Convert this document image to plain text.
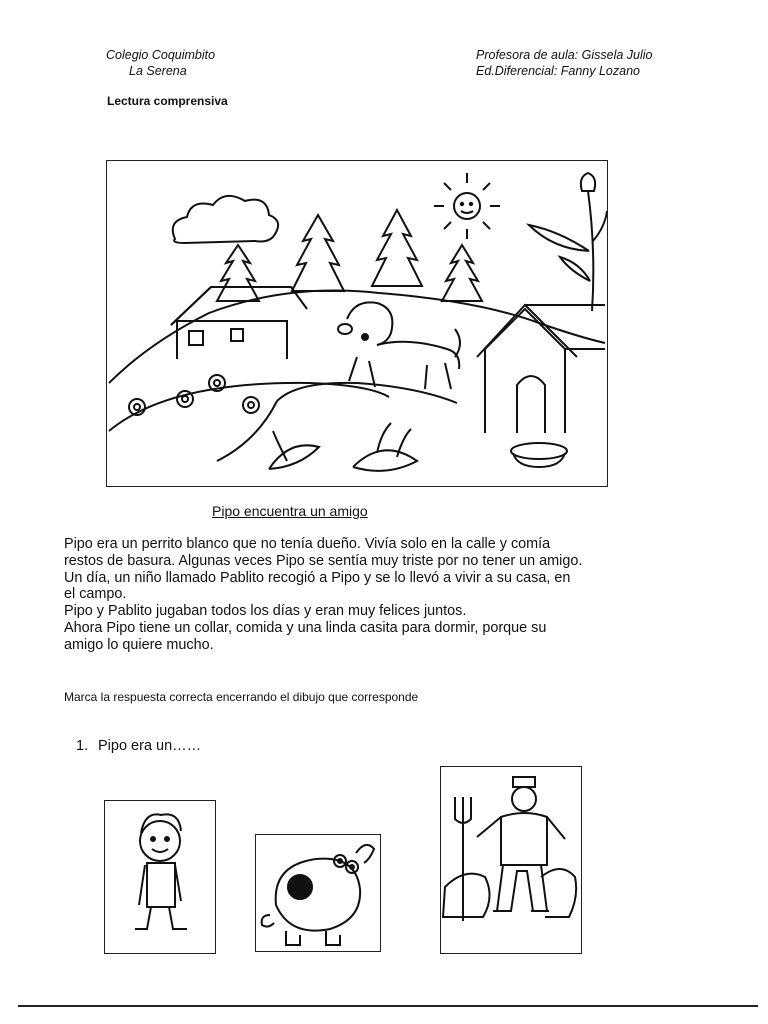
Colegio Coquimbito
La Serena
Profesora de aula: Gissela Julio
Ed.Diferencial: Fanny Lozano
Lectura comprensiva
Pipo encuentra un amigo

Pipo era un perrito blanco que no tenía dueño. Vivía solo en la calle y comía

restos de basura. Algunas veces Pipo se sentía muy triste por no tener un amigo.

Un día, un niño llamado Pablito recogió a Pipo y se lo llevó a vivir a su casa, en

el campo.

Pipo y Pablito jugaban todos los días y eran muy felices juntos.

Ahora Pipo tiene un collar, comida y una linda casita para dormir, porque su

amigo lo quiere mucho.

Marca la respuesta correcta encerrando el dibujo que corresponde
1. Pipo era un……
